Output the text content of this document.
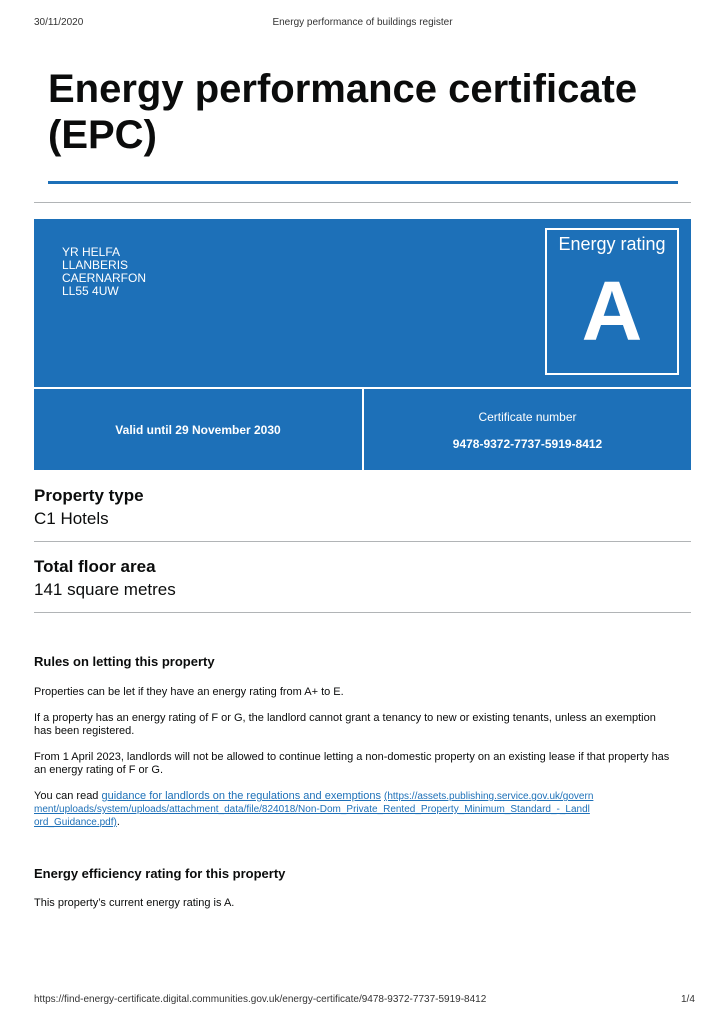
30/11/2020	Energy performance of buildings register
Energy performance certificate (EPC)
YR HELFA
LLANBERIS
CAERNARFON
LL55 4UW
Energy rating
A
Valid until 29 November 2030
Certificate number
9478-9372-7737-5919-8412
Property type
C1 Hotels
Total floor area
141 square metres
Rules on letting this property
Properties can be let if they have an energy rating from A+ to E.
If a property has an energy rating of F or G, the landlord cannot grant a tenancy to new or existing tenants, unless an exemption has been registered.
From 1 April 2023, landlords will not be allowed to continue letting a non-domestic property on an existing lease if that property has an energy rating of F or G.
You can read guidance for landlords on the regulations and exemptions (https://assets.publishing.service.gov.uk/government/uploads/system/uploads/attachment_data/file/824018/Non-Dom_Private_Rented_Property_Minimum_Standard_-_Landlord_Guidance.pdf).
Energy efficiency rating for this property
This property’s current energy rating is A.
https://find-energy-certificate.digital.communities.gov.uk/energy-certificate/9478-9372-7737-5919-8412	1/4
